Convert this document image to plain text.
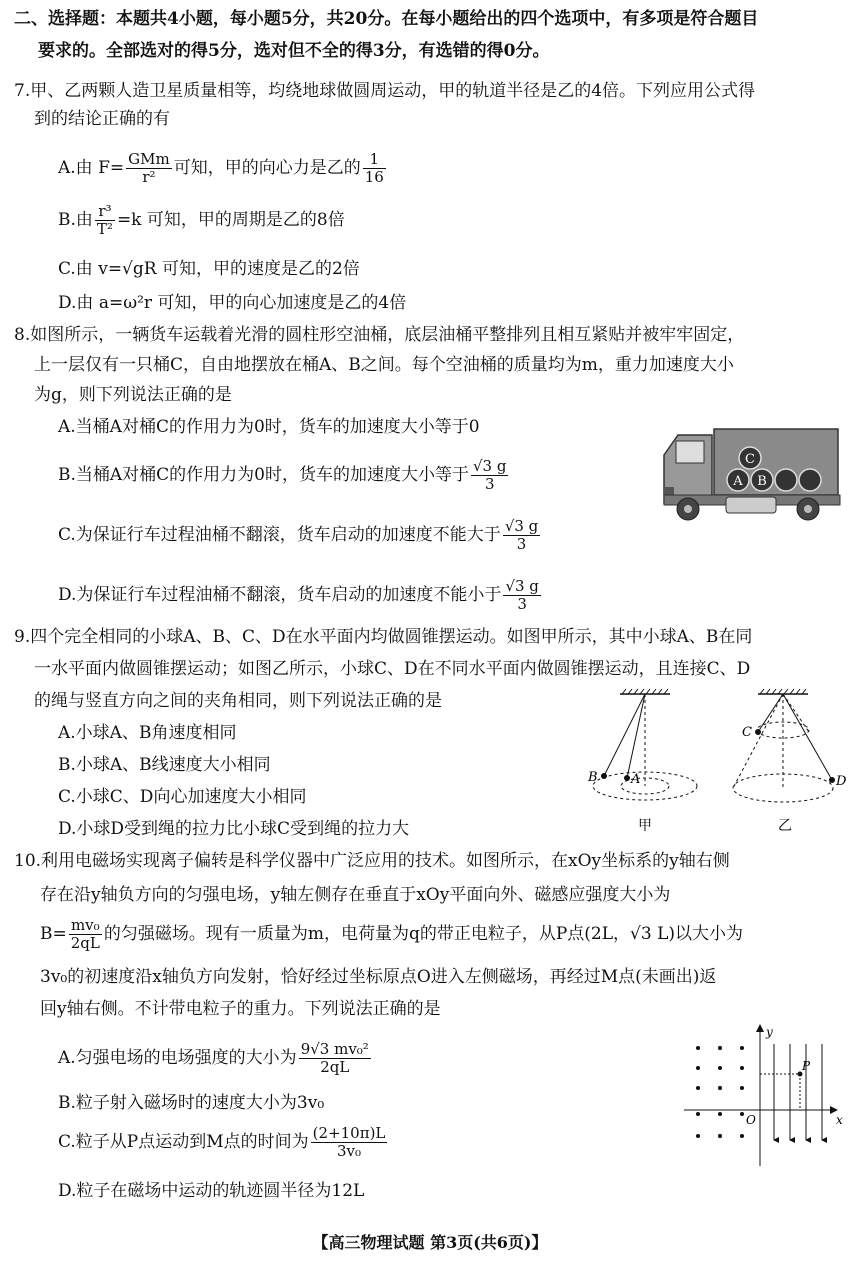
二、选择题：本题共4小题，每小题5分，共20分。在每小题给出的四个选项中，有多项是符合题目
要求的。全部选对的得5分，选对但不全的得3分，有选错的得0分。
7.甲、乙两颗人造卫星质量相等，均绕地球做圆周运动，甲的轨道半径是乙的4倍。下列应用公式得
到的结论正确的有
A.由 $F= \frac{\text{GMm}}{\text{r²}}$ 可知，甲的向心力是乙的 $\frac{1}{16}$
B.由 $\frac{\text{r³}}{\text{T²}} =k$ 可知，甲的周期是乙的8倍
C.由 v=√gR 可知，甲的速度是乙的2倍
D.由 a=ω²r 可知，甲的向心加速度是乙的4倍
8.如图所示，一辆货车运载着光滑的圆柱形空油桶，底层油桶平整排列且相互紧贴并被牢牢固定，
上一层仅有一只桶C，自由地摆放在桶A、B之间。每个空油桶的质量均为m，重力加速度大小
为g，则下列说法正确的是
A.当桶A对桶C的作用力为0时，货车的加速度大小等于0
B.当桶A对桶C的作用力为0时，货车的加速度大小等于 $\frac{√3 g}{3}$
C.为保证行车过程油桶不翻滚，货车启动的加速度不能大于 $\frac{√3 g}{3}$
D.为保证行车过程油桶不翻滚，货车启动的加速度不能小于 $\frac{√3 g}{3}$
C
A B
9.四个完全相同的小球A、B、C、D在水平面内均做圆锥摆运动。如图甲所示，其中小球A、B在同
一水平面内做圆锥摆运动；如图乙所示，小球C、D在不同水平面内做圆锥摆运动，且连接C、D
的绳与竖直方向之间的夹角相同，则下列说法正确的是
A.小球A、B角速度相同
B.小球A、B线速度大小相同
C.小球C、D向心加速度大小相同
D.小球D受到绳的拉力比小球C受到绳的拉力大
B	A
甲
C
D
乙
10.利用电磁场实现离子偏转是科学仪器中广泛应用的技术。如图所示，在xOy坐标系的y轴右侧
存在沿y轴负方向的匀强电场，y轴左侧存在垂直于xOy平面向外、磁感应强度大小为
$B= \frac{\text{mv₀}}{2qL}$ 的匀强磁场。现有一质量为m，电荷量为q的带正电粒子，从P点(2L，√3 L)以大小为
3v₀的初速度沿x轴负方向发射，恰好经过坐标原点O进入左侧磁场，再经过M点(未画出)返
回y轴右侧。不计带电粒子的重力。下列说法正确的是
A.匀强电场的电场强度的大小为 $\frac{\text{9√3 mv₀²}}{2qL}$
B.粒子射入磁场时的速度大小为3v₀
C.粒子从P点运动到M点的时间为 $\frac{(2+10\pi)L}{\text{3v₀}}$
D.粒子在磁场中运动的轨迹圆半径为12L
y
x
O
P
【高三物理试题 第3页(共6页)】
